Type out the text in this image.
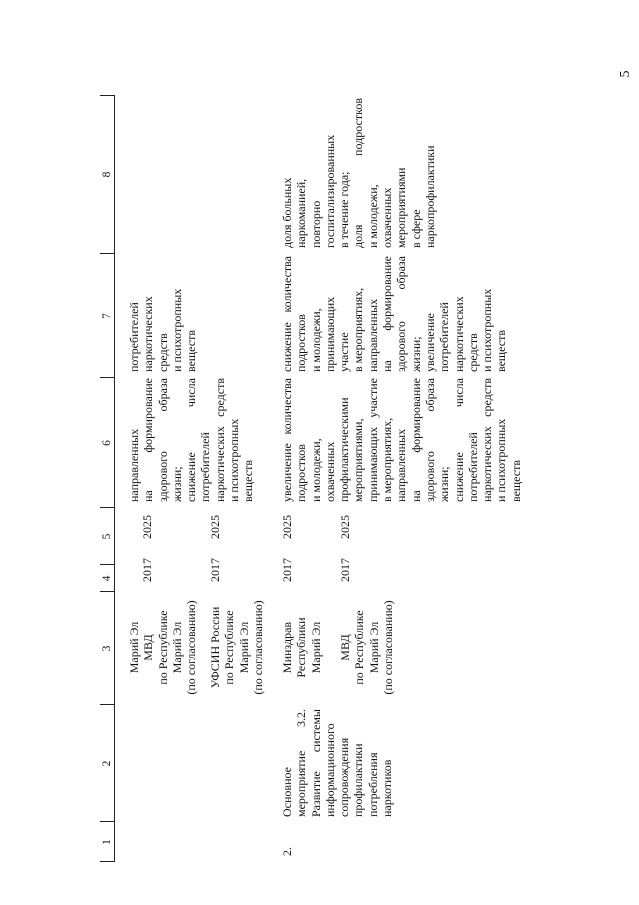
5
1
2
3
4
5
6
7
8
Марий Эл МВД по Республике Марий Эл (по согласованию) УФСИН России по Республике Марий Эл (по согласованию)
2017
2025
2017
2025
направленных на формирование здорового образа жизни; снижение числа потребителей наркотических средств и психотропных веществ
потребителей наркотических средств и психотропных веществ
2.
Основное мероприятие 3.2. Развитие системы информационного сопровождения профилактики потребления наркотиков
Минздрав Республики Марий Эл МВД по Республике Марий Эл (по согласованию)
2017
2025
2017
2025
увеличение количества подростков и молодежи, охваченных профилактическими мероприятиями, принимающих участие в мероприятиях, направленных на формирование здорового образа жизни; снижение числа потребителей наркотических средств и психотропных веществ
снижение количества подростков и молодежи, принимающих участие в мероприятиях, направленных на формирование здорового образа жизни; увеличение потребителей наркотических средств и психотропных веществ
доля больных наркоманией, повторно госпитализированных в течение года; доля подростков и молодежи, охваченных мероприятиями в сфере наркопрофилактики
